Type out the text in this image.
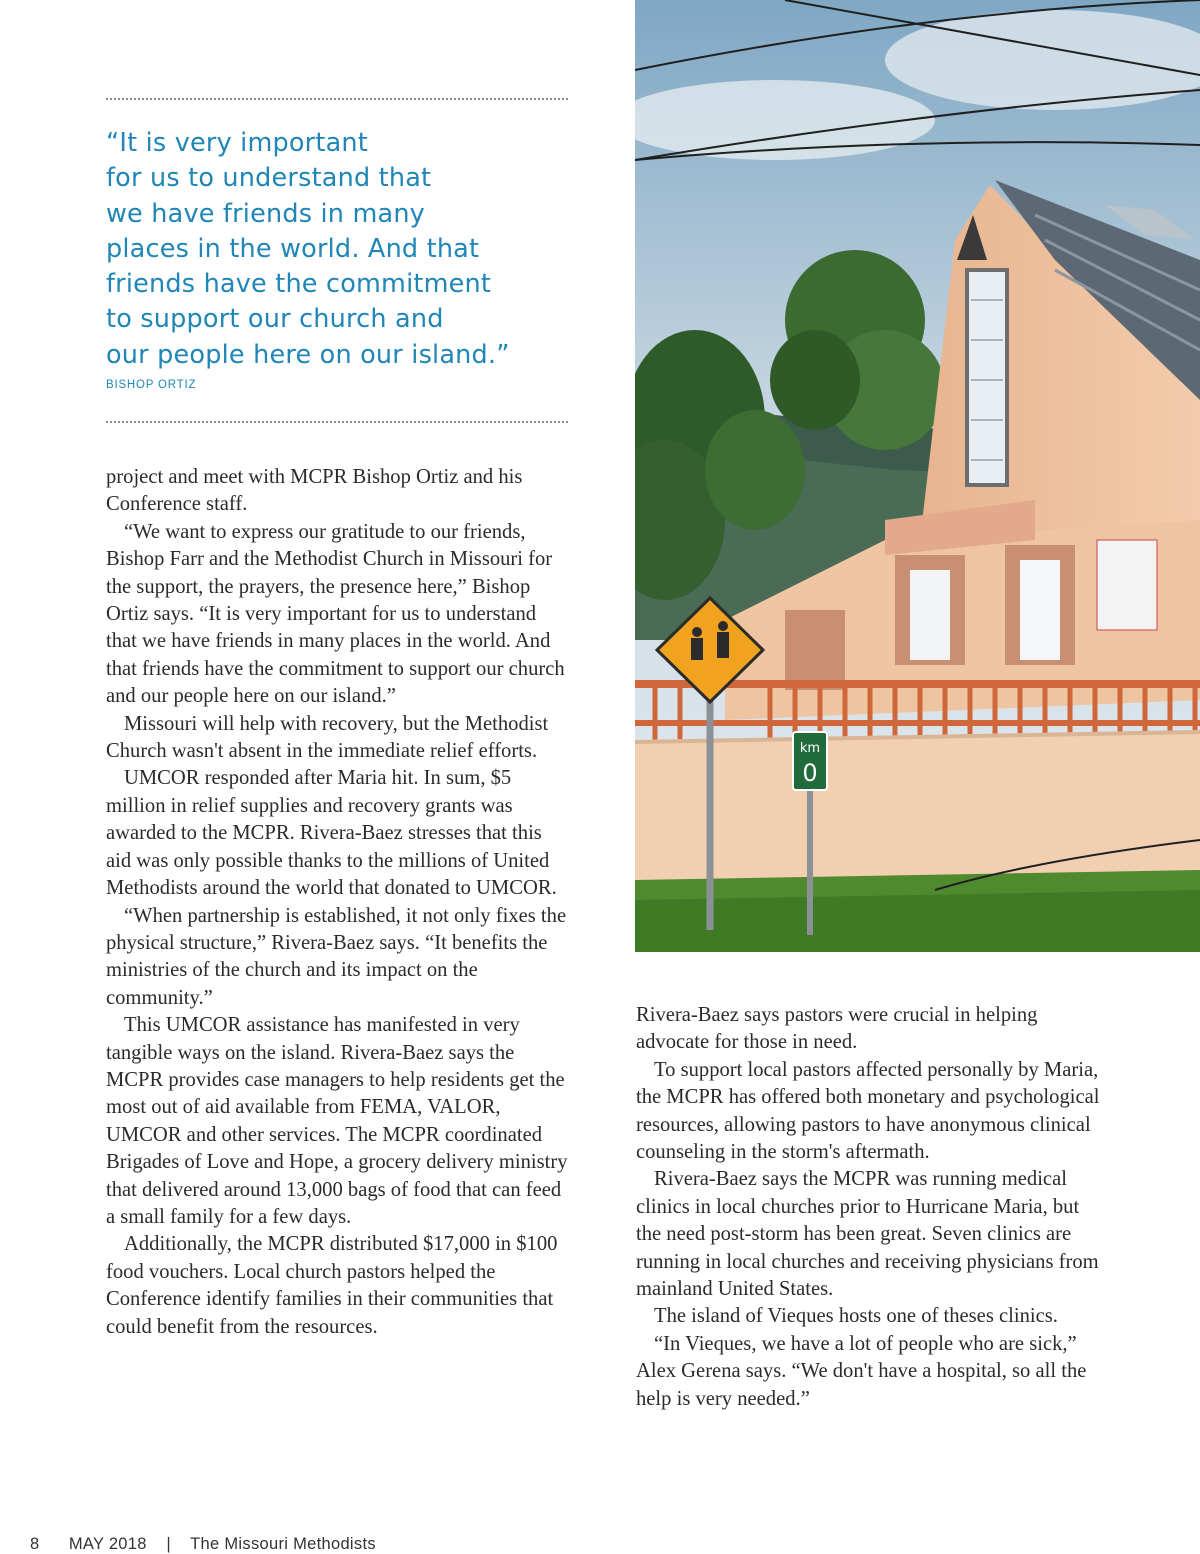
“It is very important
for us to understand that
we have friends in many
places in the world. And that
friends have the commitment
to support our church and
our people here on our island.”

BISHOP ORTIZ

project and meet with MCPR Bishop Ortiz and his Conference staff.

“We want to express our gratitude to our friends, Bishop Farr and the Methodist Church in Missouri for the support, the prayers, the presence here,” Bishop Ortiz says. “It is very important for us to understand that we have friends in many places in the world. And that friends have the commitment to support our church and our people here on our island.”

Missouri will help with recovery, but the Methodist Church wasn't absent in the immediate relief efforts.

UMCOR responded after Maria hit. In sum, $5 million in relief supplies and recovery grants was awarded to the MCPR. Rivera-Baez stresses that this aid was only possible thanks to the millions of United Methodists around the world that donated to UMCOR.

“When partnership is established, it not only fixes the physical structure,” Rivera-Baez says. “It benefits the ministries of the church and its impact on the community.”

This UMCOR assistance has manifested in very tangible ways on the island. Rivera-Baez says the MCPR provides case managers to help residents get the most out of aid available from FEMA, VALOR, UMCOR and other services. The MCPR coordinated Brigades of Love and Hope, a grocery delivery ministry that delivered around 13,000 bags of food that can feed a small family for a few days.

Additionally, the MCPR distributed $17,000 in $100 food vouchers. Local church pastors helped the Conference identify families in their communities that could benefit from the resources.

km
0

Rivera-Baez says pastors were crucial in helping advocate for those in need.

To support local pastors affected personally by Maria, the MCPR has offered both monetary and psychological resources, allowing pastors to have anonymous clinical counseling in the storm's aftermath.

Rivera-Baez says the MCPR was running medical clinics in local churches prior to Hurricane Maria, but the need post-storm has been great. Seven clinics are running in local churches and receiving physicians from mainland United States.

The island of Vieques hosts one of theses clinics.

“In Vieques, we have a lot of people who are sick,” Alex Gerena says. “We don't have a hospital, so all the help is very needed.”

8 MAY 2018 | The Missouri Methodists
